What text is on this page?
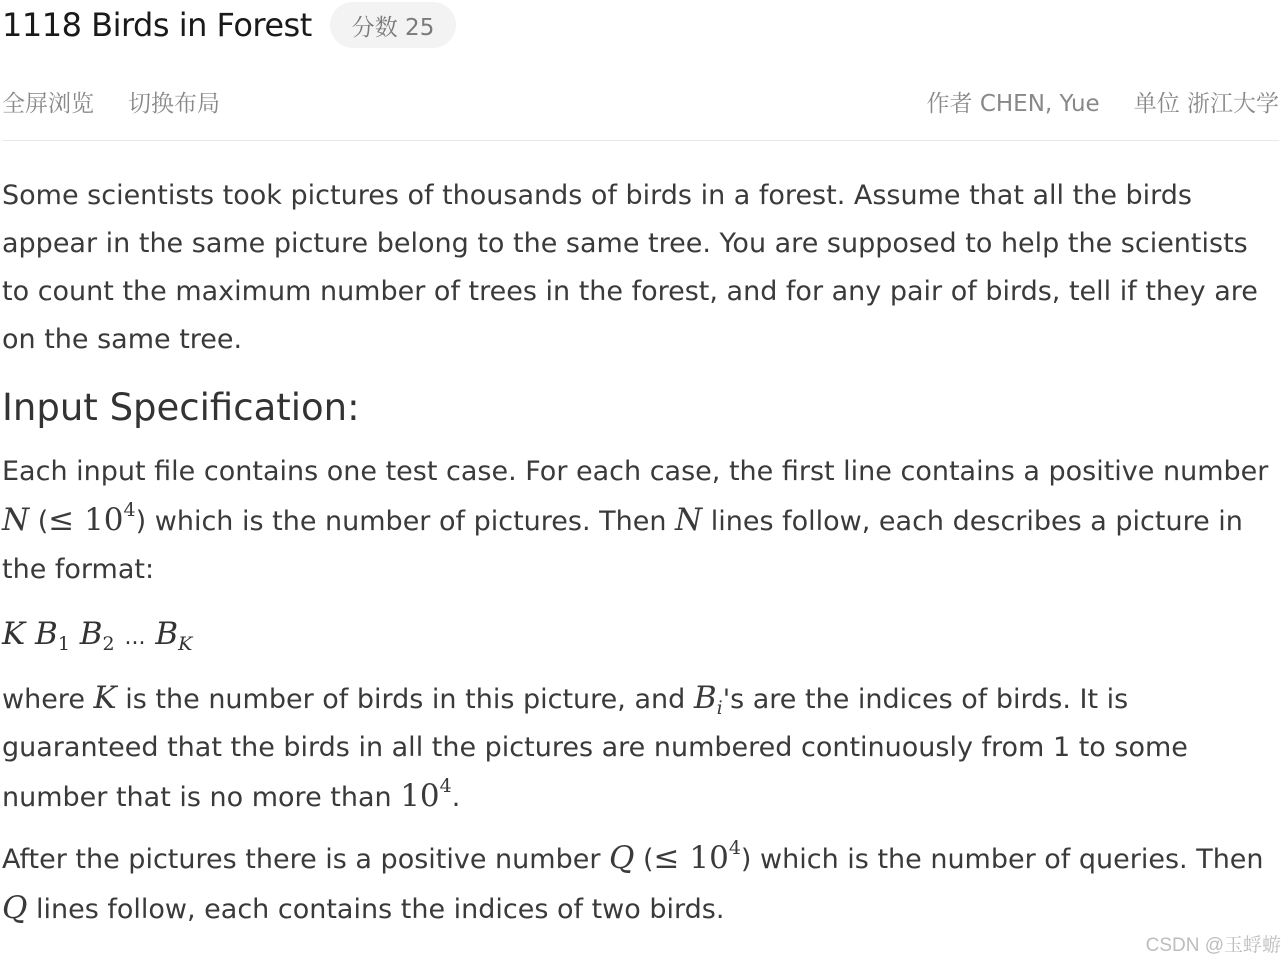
1118 Birds in Forest	分数 25
全屏浏览 切换布局	作者 CHEN, Yue 单位 浙江大学

Some scientists took pictures of thousands of birds in a forest. Assume that all the birds appear in the same picture belong to the same tree. You are supposed to help the scientists to count the maximum number of trees in the forest, and for any pair of birds, tell if they are on the same tree.

Input Specification:

Each input file contains one test case. For each case, the first line contains a positive number N (≤ $10^4$) which is the number of pictures. Then N lines follow, each describes a picture in the format:

K $B_1$ $B_2$ ... $B_K$

where K is the number of birds in this picture, and $B_i's$ are the indices of birds. It is guaranteed that the birds in all the pictures are numbered continuously from 1 to some number that is no more than $10^4$.

After the pictures there is a positive number Q (≤ $10^4$) which is the number of queries. Then Q lines follow, each contains the indices of two birds.

CSDN @玉蜉蝣
